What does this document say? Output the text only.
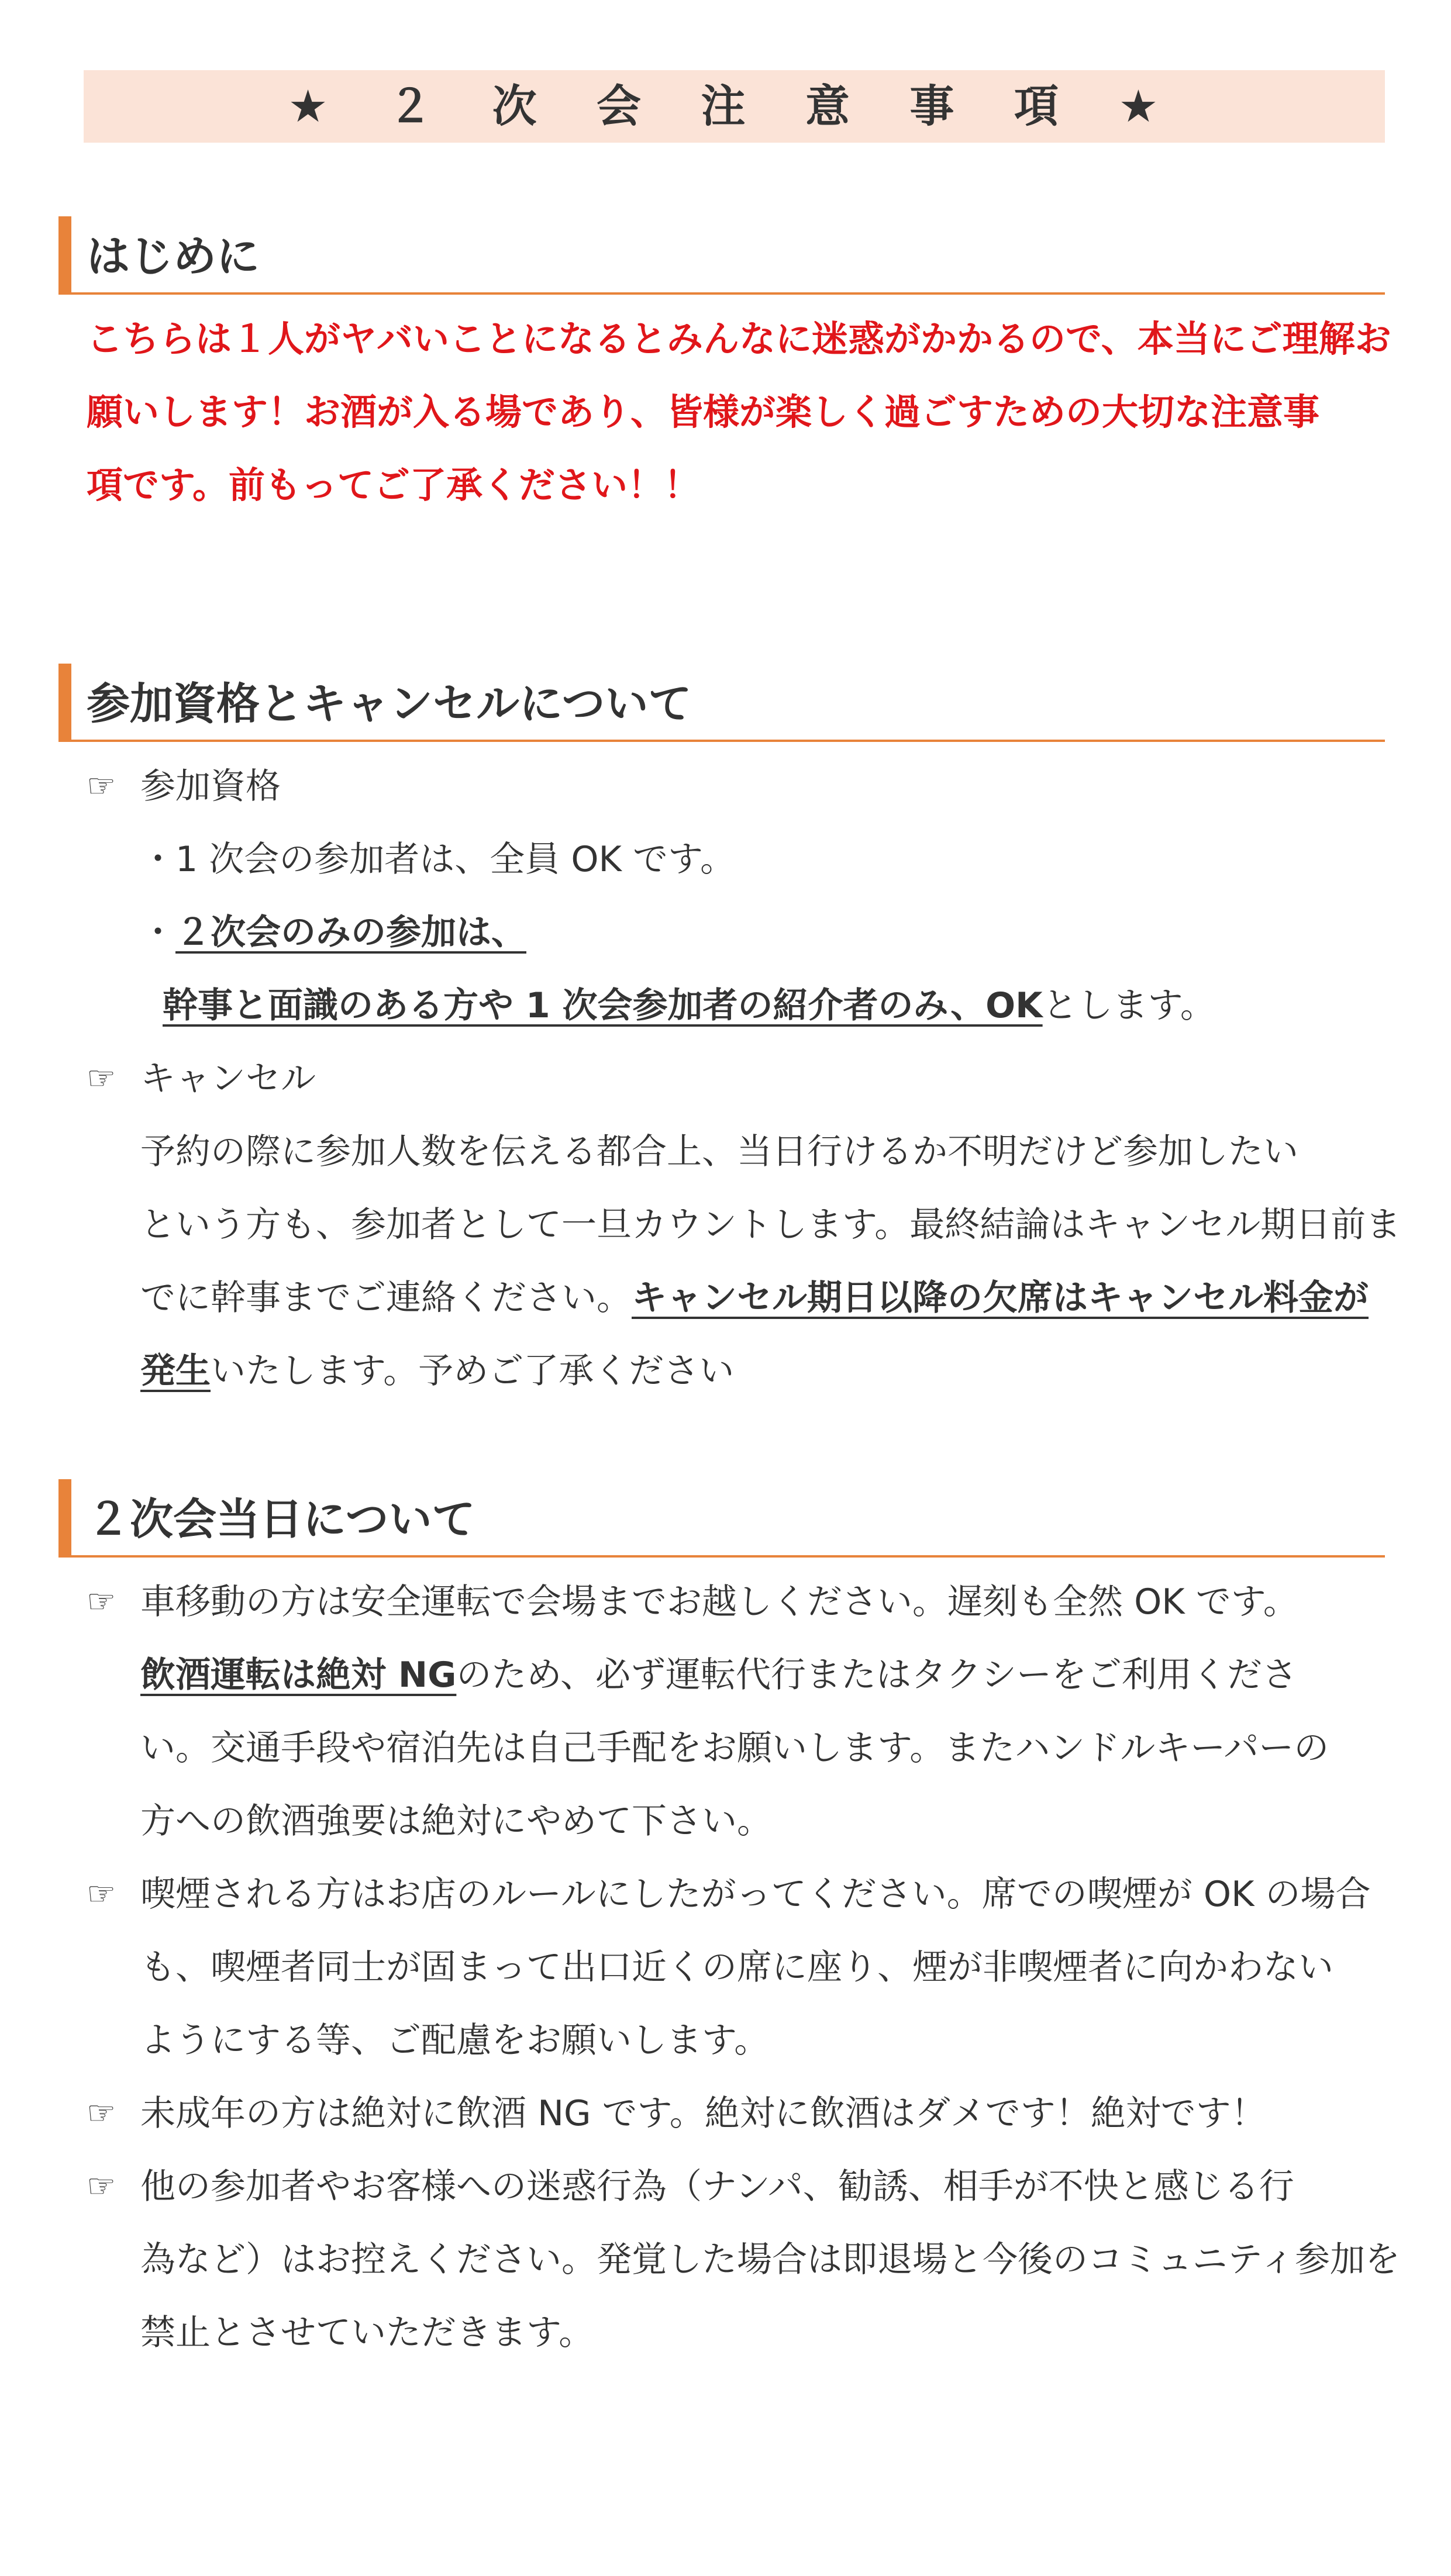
★ ２ 次 会 注 意 事 項 ★
はじめに
こちらは１人がヤバいことになるとみんなに迷惑がかかるので、本当にご理解お
願いします！お酒が入る場であり、皆様が楽しく過ごすための大切な注意事
項です。前もってご了承ください！！
参加資格とキャンセルについて
☞ 参加資格
・1 次会の参加者は、全員 OK です。
・２次会のみの参加は、
幹事と面識のある方や 1 次会参加者の紹介者のみ、OKとします。
☞ キャンセル
予約の際に参加人数を伝える都合上、当日行けるか不明だけど参加したい
という方も、参加者として一旦カウントします。最終結論はキャンセル期日前ま
でに幹事までご連絡ください。キャンセル期日以降の欠席はキャンセル料金が
発生いたします。予めご了承ください
２次会当日について
☞ 車移動の方は安全運転で会場までお越しください。遅刻も全然 OK です。
飲酒運転は絶対 NGのため、必ず運転代行またはタクシーをご利用くださ
い。交通手段や宿泊先は自己手配をお願いします。またハンドルキーパーの
方への飲酒強要は絶対にやめて下さい。
☞ 喫煙される方はお店のルールにしたがってください。席での喫煙が OK の場合
も、喫煙者同士が固まって出口近くの席に座り、煙が非喫煙者に向かわない
ようにする等、ご配慮をお願いします。
☞ 未成年の方は絶対に飲酒 NG です。絶対に飲酒はダメです！絶対です！
☞ 他の参加者やお客様への迷惑行為（ナンパ、勧誘、相手が不快と感じる行
為など）はお控えください。発覚した場合は即退場と今後のコミュニティ参加を
禁止とさせていただきます。
